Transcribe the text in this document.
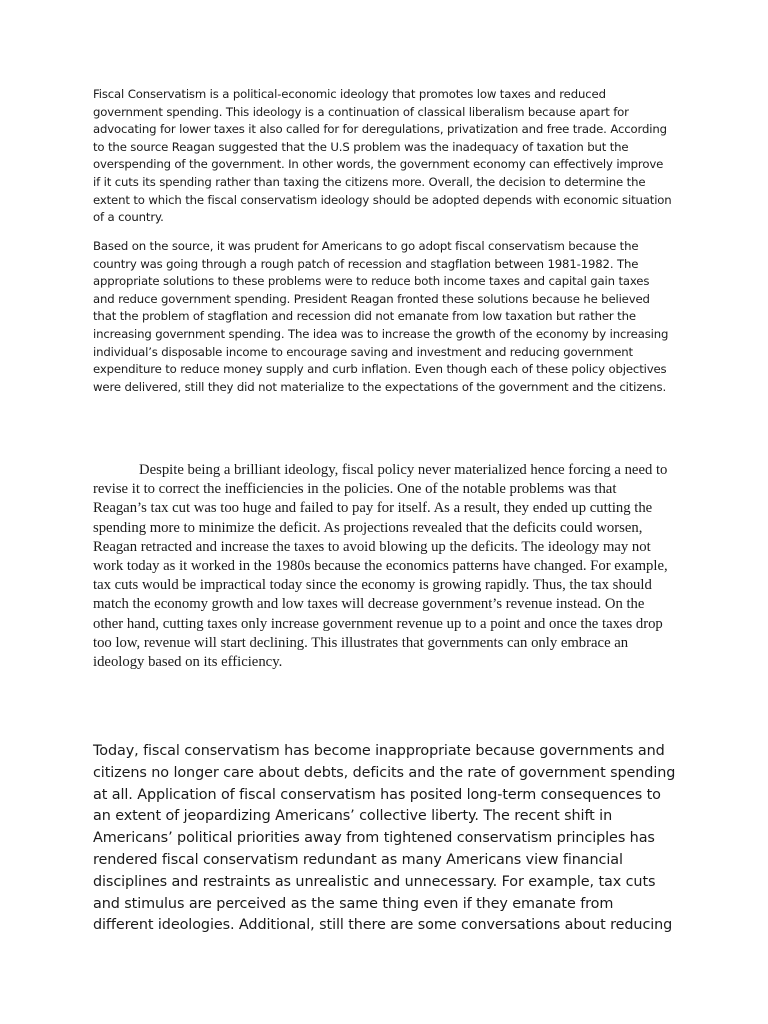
Fiscal Conservatism is a political-economic ideology that promotes low taxes and reduced government spending. This ideology is a continuation of classical liberalism because apart for advocating for lower taxes it also called for for deregulations, privatization and free trade. According to the source Reagan suggested that the U.S problem was the inadequacy of taxation but the overspending of the government. In other words, the government economy can effectively improve if it cuts its spending rather than taxing the citizens more. Overall, the decision to determine the extent to which the fiscal conservatism ideology should be adopted depends with economic situation of a country.

Based on the source, it was prudent for Americans to go adopt fiscal conservatism because the country was going through a rough patch of recession and stagflation between 1981-1982. The appropriate solutions to these problems were to reduce both income taxes and capital gain taxes and reduce government spending. President Reagan fronted these solutions because he believed that the problem of stagflation and recession did not emanate from low taxation but rather the increasing government spending. The idea was to increase the growth of the economy by increasing individual’s disposable income to encourage saving and investment and reducing government expenditure to reduce money supply and curb inflation. Even though each of these policy objectives were delivered, still they did not materialize to the expectations of the government and the citizens.

Despite being a brilliant ideology, fiscal policy never materialized hence forcing a need to revise it to correct the inefficiencies in the policies. One of the notable problems was that Reagan’s tax cut was too huge and failed to pay for itself. As a result, they ended up cutting the spending more to minimize the deficit. As projections revealed that the deficits could worsen, Reagan retracted and increase the taxes to avoid blowing up the deficits. The ideology may not work today as it worked in the 1980s because the economics patterns have changed. For example, tax cuts would be impractical today since the economy is growing rapidly. Thus, the tax should match the economy growth and low taxes will decrease government’s revenue instead. On the other hand, cutting taxes only increase government revenue up to a point and once the taxes drop too low, revenue will start declining. This illustrates that governments can only embrace an ideology based on its efficiency.

Today, fiscal conservatism has become inappropriate because governments and citizens no longer care about debts, deficits and the rate of government spending at all. Application of fiscal conservatism has posited long-term consequences to an extent of jeopardizing Americans’ collective liberty. The recent shift in Americans’ political priorities away from tightened conservatism principles has rendered fiscal conservatism redundant as many Americans view financial disciplines and restraints as unrealistic and unnecessary. For example, tax cuts and stimulus are perceived as the same thing even if they emanate from different ideologies. Additional, still there are some conversations about reducing
